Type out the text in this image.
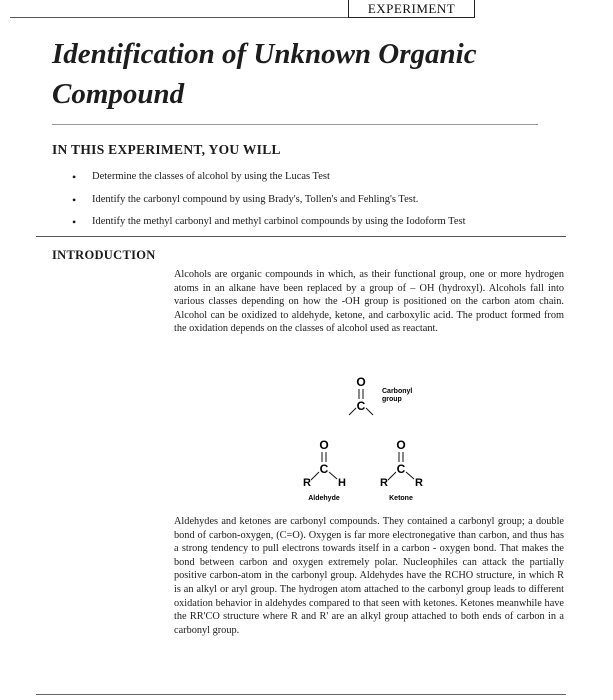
EXPERIMENT
Identification of Unknown Organic Compound
IN THIS EXPERIMENT, YOU WILL
• Determine the classes of alcohol by using the Lucas Test
• Identify the carbonyl compound by using Brady's, Tollen's and Fehling's Test.
• Identify the methyl carbonyl and methyl carbinol compounds by using the Iodoform Test
INTRODUCTION

Alcohols are organic compounds in which, as their functional group, one or more hydrogen atoms in an alkane have been replaced by a group of – OH (hydroxyl). Alcohols fall into various classes depending on how the -OH group is positioned on the carbon atom chain. Alcohol can be oxidized to aldehyde, ketone, and carboxylic acid. The product formed from the oxidation depends on the classes of alcohol used as reactant.

O
C
Carbonyl
group
O
C
R H
Aldehyde
O
C
R R
Ketone

Aldehydes and ketones are carbonyl compounds. They contained a carbonyl group; a double bond of carbon-oxygen, (C=O). Oxygen is far more electronegative than carbon, and thus has a strong tendency to pull electrons towards itself in a carbon - oxygen bond. That makes the bond between carbon and oxygen extremely polar. Nucleophiles can attack the partially positive carbon-atom in the carbonyl group. Aldehydes have the RCHO structure, in which R is an alkyl or aryl group. The hydrogen atom attached to the carbonyl group leads to different oxidation behavior in aldehydes compared to that seen with ketones. Ketones meanwhile have the RR'CO structure where R and R' are an alkyl group attached to both ends of carbon in a carbonyl group.
